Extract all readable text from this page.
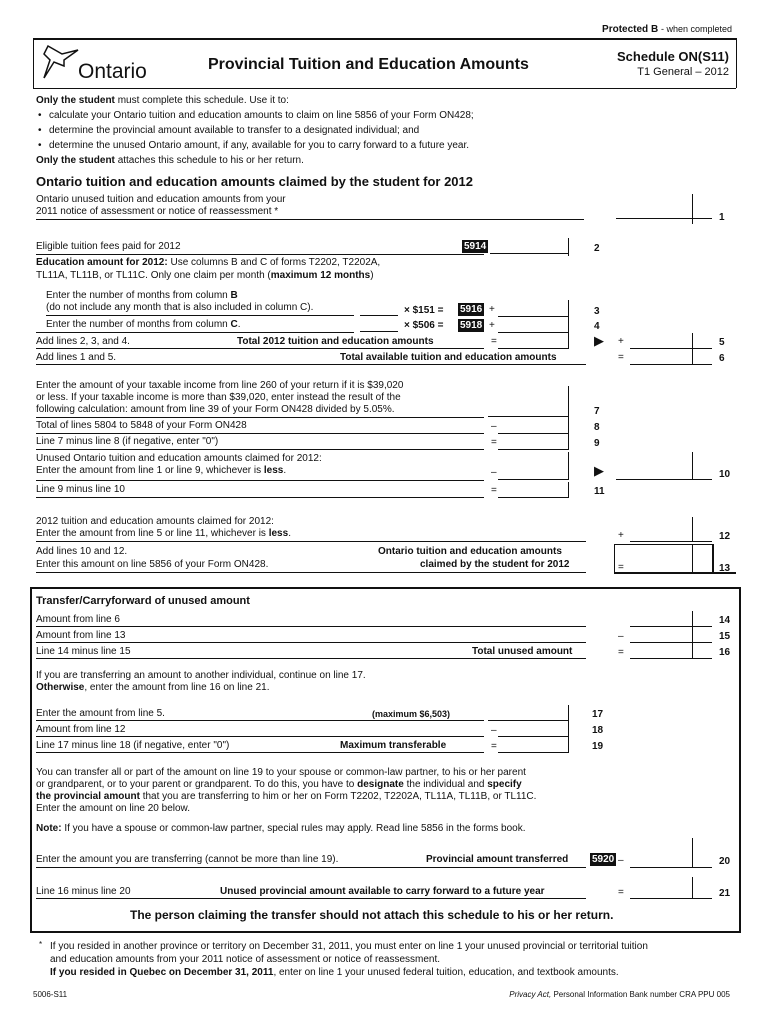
Protected B - when completed
Ontario	Provincial Tuition and Education Amounts	Schedule ON(S11)
T1 General – 2012
Only the student must complete this schedule. Use it to:
• calculate your Ontario tuition and education amounts to claim on line 5856 of your Form ON428;
• determine the provincial amount available to transfer to a designated individual; and
• determine the unused Ontario amount, if any, available for you to carry forward to a future year.
Only the student attaches this schedule to his or her return.
Ontario tuition and education amounts claimed by the student for 2012
Ontario unused tuition and education amounts from your
2011 notice of assessment or notice of reassessment *
1
Eligible tuition fees paid for 2012	5914	2
Education amount for 2012: Use columns B and C of forms T2202, T2202A,
TL11A, TL11B, or TL11C. Only one claim per month (maximum 12 months)
Enter the number of months from column B
(do not include any month that is also included in column C).	× $151 = 5916 +	3
Enter the number of months from column C.	× $506 = 5918 +	4
Add lines 2, 3, and 4.	Total 2012 tuition and education amounts	=	▶ +	5
Add lines 1 and 5.	Total available tuition and education amounts	=	6
Enter the amount of your taxable income from line 260 of your return if it is $39,020
or less. If your taxable income is more than $39,020, enter instead the result of the
following calculation: amount from line 39 of your Form ON428 divided by 5.05%.	7
Total of lines 5804 to 5848 of your Form ON428	–	8
Line 7 minus line 8 (if negative, enter "0")	=	9
Unused Ontario tuition and education amounts claimed for 2012:
Enter the amount from line 1 or line 9, whichever is less.	–	▶	10
Line 9 minus line 10	=	11
2012 tuition and education amounts claimed for 2012:
Enter the amount from line 5 or line 11, whichever is less.	+	12
Add lines 10 and 12.
Enter this amount on line 5856 of your Form ON428.
Ontario tuition and education amounts
claimed by the student for 2012	=	13
Transfer/Carryforward of unused amount
Amount from line 6	14
Amount from line 13	–	15
Line 14 minus line 15	Total unused amount	=	16
If you are transferring an amount to another individual, continue on line 17.
Otherwise, enter the amount from line 16 on line 21.
Enter the amount from line 5.	(maximum $6,503)	17
Amount from line 12	–	18
Line 17 minus line 18 (if negative, enter "0")	Maximum transferable	=	19
You can transfer all or part of the amount on line 19 to your spouse or common-law partner, to his or her parent
or grandparent, or to your parent or grandparent. To do this, you have to designate the individual and specify
the provincial amount that you are transferring to him or her on Form T2202, T2202A, TL11A, TL11B, or TL11C.
Enter the amount on line 20 below.
Note: If you have a spouse or common-law partner, special rules may apply. Read line 5856 in the forms book.
Enter the amount you are transferring (cannot be more than line 19).	Provincial amount transferred 5920 –	20
Line 16 minus line 20	Unused provincial amount available to carry forward to a future year	=	21
The person claiming the transfer should not attach this schedule to his or her return.
* If you resided in another province or territory on December 31, 2011, you must enter on line 1 your unused provincial or territorial tuition
and education amounts from your 2011 notice of assessment or notice of reassessment.
If you resided in Quebec on December 31, 2011, enter on line 1 your unused federal tuition, education, and textbook amounts.
5006-S11	Privacy Act, Personal Information Bank number CRA PPU 005
